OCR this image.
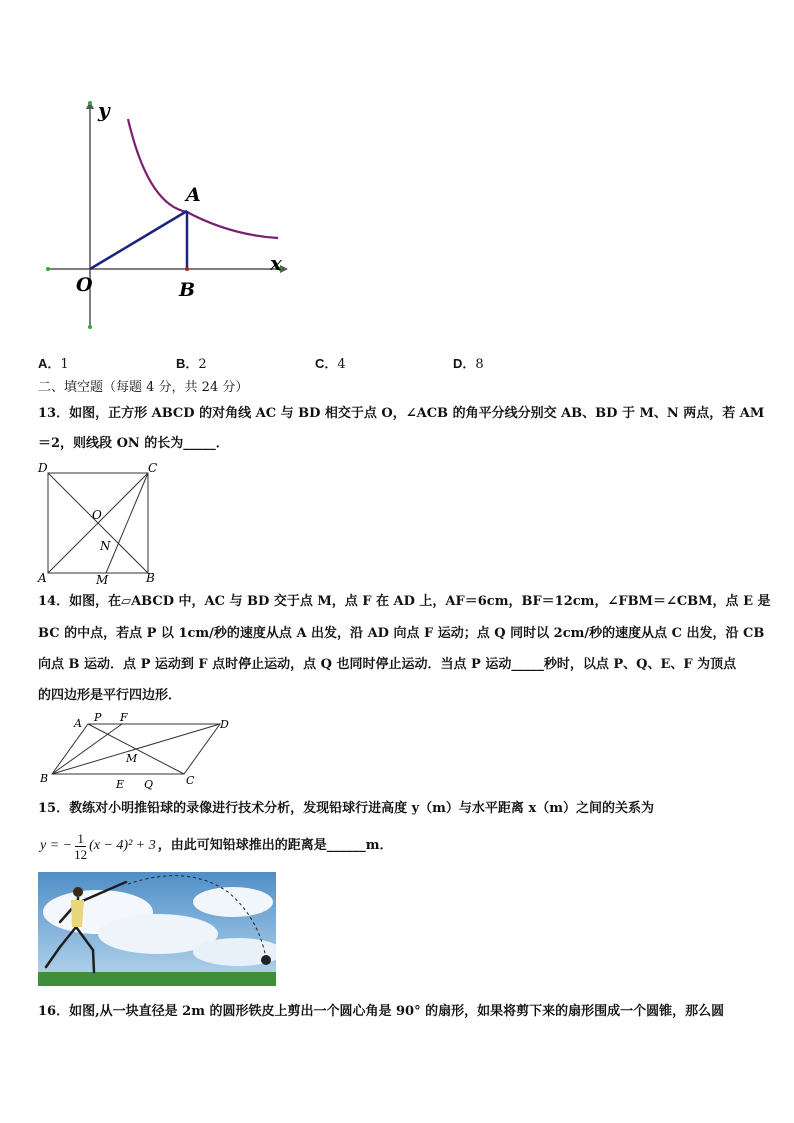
y
x
O
A
B
A．1	B．2	C．4	D．8
二、填空题（每题 4 分，共 24 分）
13．如图，正方形 ABCD 的对角线 AC 与 BD 相交于点 O，∠ACB 的角平分线分别交 AB、BD 于 M、N 两点，若 AM
＝2，则线段 ON 的长为_____．
D	C
O
N
A	M	B
14．如图，在▱ABCD 中，AC 与 BD 交于点 M，点 F 在 AD 上，AF＝6cm，BF＝12cm，∠FBM＝∠CBM，点 E 是
BC 的中点，若点 P 以 1cm/秒的速度从点 A 出发，沿 AD 向点 F 运动；点 Q 同时以 2cm/秒的速度从点 C 出发，沿 CB
向点 B 运动．点 P 运动到 F 点时停止运动，点 Q 也同时停止运动．当点 P 运动_____秒时，以点 P、Q、E、F 为顶点
的四边形是平行四边形．
A P F
D
M
B	E Q	C
15．教练对小明推铅球的录像进行技术分析，发现铅球行进高度 y（m）与水平距离 x（m）之间的关系为
y = − $\frac{1}{12} (x - 4)^2 + 3$ ，由此可知铅球推出的距离是______m．
16．如图,从一块直径是 2m 的圆形铁皮上剪出一个圆心角是 90° 的扇形，如果将剪下来的扇形围成一个圆锥，那么圆
